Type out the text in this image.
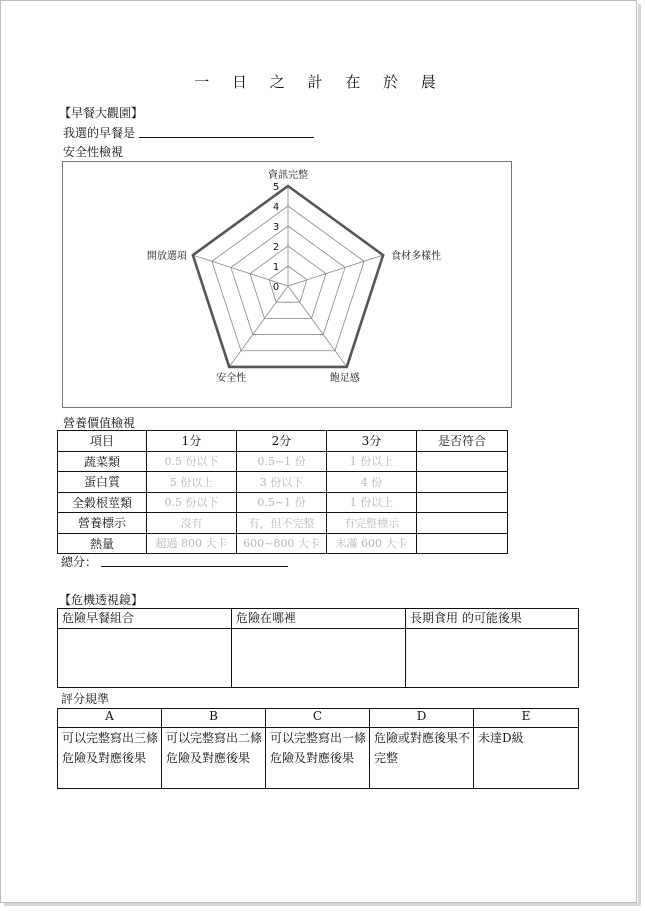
一 日 之 計 在 於 晨
【早餐大觀園】
我選的早餐是
安全性檢視
0
1
2
3
4
5
資訊完整
食材多樣性
飽足感
安全性
開放選項
營養價值檢視
項目	1分	2分	3分	是否符合
蔬菜類	0.5 份以下	0.5~1 份	1 份以上	
蛋白質	5 份以上	3 份以下	4 份	
全穀根莖類	0.5 份以下	0.5~1 份	1 份以上	
營養標示	沒有	有，但不完整	有完整標示	
熱量	超過 800 大卡	600~800 大卡	未滿 600 大卡	
總分：
【危機透視鏡】
危險早餐組合	危險在哪裡	長期食用 的可能後果

評分規準
A	B	C	D	E
可以完整寫出三條危險及對應後果	可以完整寫出二條危險及對應後果	可以完整寫出一條危險及對應後果	危險或對應後果不完整	未達D級
